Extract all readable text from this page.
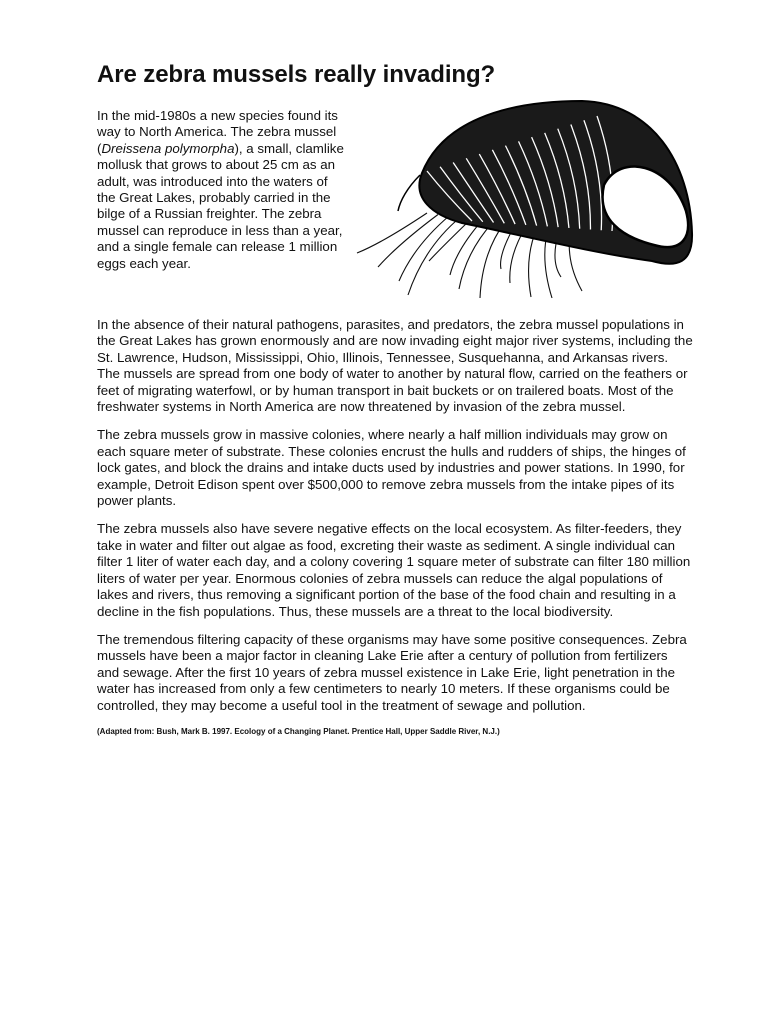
Are zebra mussels really invading?

In the mid-1980s a new species found its way to North America. The zebra mussel (Dreissena polymorpha), a small, clamlike mollusk that grows to about 25 cm as an adult, was introduced into the waters of the Great Lakes, probably carried in the bilge of a Russian freighter. The zebra mussel can reproduce in less than a year, and a single female can release 1 million eggs each year.

In the absence of their natural pathogens, parasites, and predators, the zebra mussel populations in the Great Lakes has grown enormously and are now invading eight major river systems, including the St. Lawrence, Hudson, Mississippi, Ohio, Illinois, Tennessee, Susquehanna, and Arkansas rivers. The mussels are spread from one body of water to another by natural flow, carried on the feathers or feet of migrating waterfowl, or by human transport in bait buckets or on trailered boats. Most of the freshwater systems in North America are now threatened by invasion of the zebra mussel.

The zebra mussels grow in massive colonies, where nearly a half million individuals may grow on each square meter of substrate. These colonies encrust the hulls and rudders of ships, the hinges of lock gates, and block the drains and intake ducts used by industries and power stations. In 1990, for example, Detroit Edison spent over $500,000 to remove zebra mussels from the intake pipes of its power plants.

The zebra mussels also have severe negative effects on the local ecosystem. As filter-feeders, they take in water and filter out algae as food, excreting their waste as sediment. A single individual can filter 1 liter of water each day, and a colony covering 1 square meter of substrate can filter 180 million liters of water per year. Enormous colonies of zebra mussels can reduce the algal populations of lakes and rivers, thus removing a significant portion of the base of the food chain and resulting in a decline in the fish populations. Thus, these mussels are a threat to the local biodiversity.

The tremendous filtering capacity of these organisms may have some positive consequences. Zebra mussels have been a major factor in cleaning Lake Erie after a century of pollution from fertilizers and sewage. After the first 10 years of zebra mussel existence in Lake Erie, light penetration in the water has increased from only a few centimeters to nearly 10 meters. If these organisms could be controlled, they may become a useful tool in the treatment of sewage and pollution.

(Adapted from: Bush, Mark B. 1997. Ecology of a Changing Planet. Prentice Hall, Upper Saddle River, N.J.)
